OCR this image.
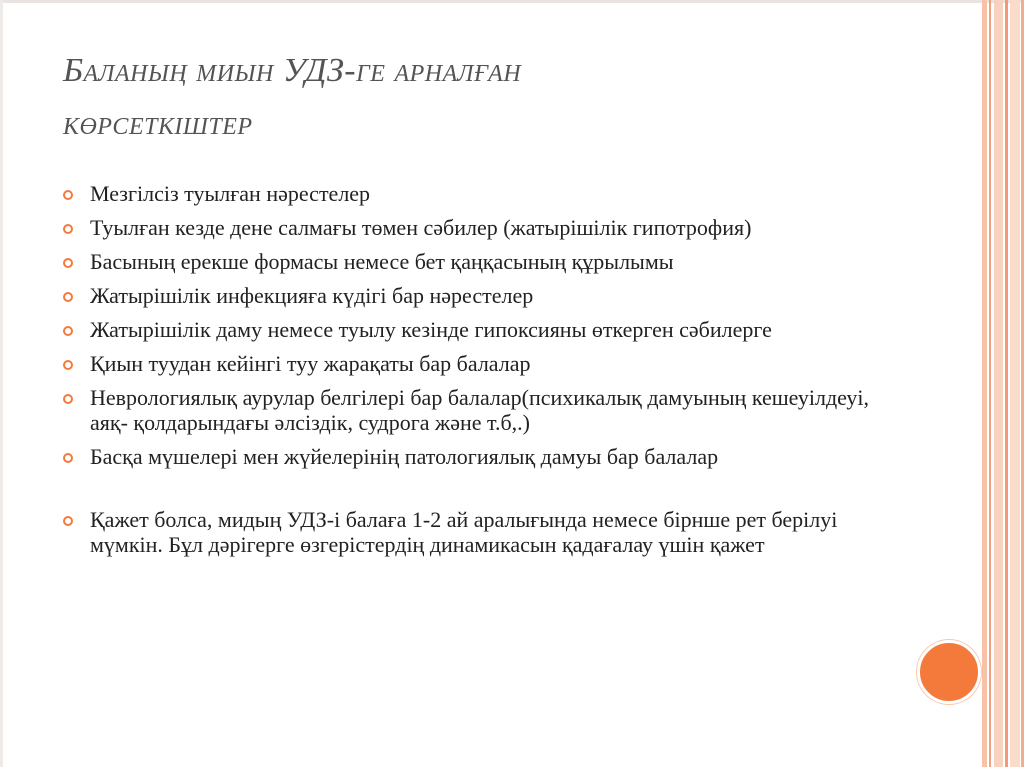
Баланың миын УДЗ-ге арналған
көрсеткіштер
Мезгілсіз туылған нәрестелер
Туылған кезде дене салмағы төмен сәбилер (жатырішілік гипотрофия)
Басының ерекше формасы немесе бет қаңқасының құрылымы
Жатырішілік инфекцияға күдігі бар нәрестелер
Жатырішілік даму немесе туылу кезінде гипоксияны өткерген сәбилерге
Қиын туудан кейінгі туу жарақаты бар балалар
Неврологиялық аурулар белгілері бар балалар(психикалық дамуының кешеуілдеуі, аяқ- қолдарындағы әлсіздік, судрога және т.б,.)
Басқа мүшелері мен жүйелерінің патологиялық дамуы бар балалар
Қажет болса, мидың УДЗ-і балаға 1-2 ай аралығында немесе бірнше рет берілуі мүмкін. Бұл дәрігерге өзгерістердің динамикасын қадағалау үшін қажет
